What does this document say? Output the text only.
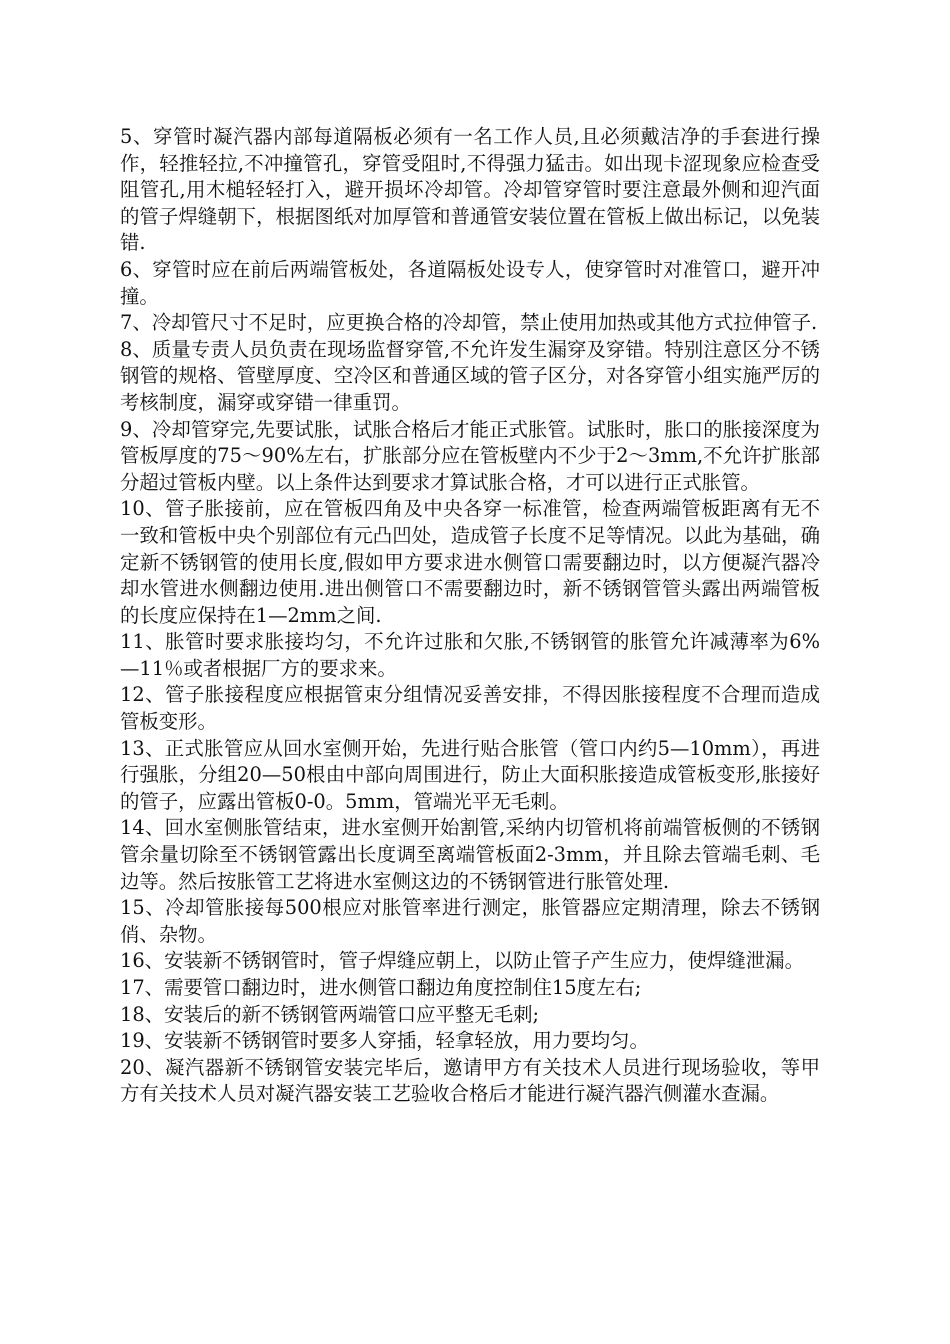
5、穿管时凝汽器内部每道隔板必须有一名工作人员,且必须戴洁净的手套进行操作，轻推轻拉,不冲撞管孔，穿管受阻时,不得强力猛击。如出现卡涩现象应检查受阻管孔,用木槌轻轻打入，避开损坏冷却管。冷却管穿管时要注意最外侧和迎汽面的管子焊缝朝下，根据图纸对加厚管和普通管安装位置在管板上做出标记，以免装错.

6、穿管时应在前后两端管板处，各道隔板处设专人，使穿管时对准管口，避开冲撞。

7、冷却管尺寸不足时，应更换合格的冷却管，禁止使用加热或其他方式拉伸管子.

8、质量专责人员负责在现场监督穿管,不允许发生漏穿及穿错。特别注意区分不锈钢管的规格、管壁厚度、空冷区和普通区域的管子区分，对各穿管小组实施严厉的考核制度，漏穿或穿错一律重罚。

9、冷却管穿完,先要试胀，试胀合格后才能正式胀管。试胀时，胀口的胀接深度为管板厚度的75～90%左右，扩胀部分应在管板壁内不少于2～3mm,不允许扩胀部分超过管板内壁。以上条件达到要求才算试胀合格，才可以进行正式胀管。

10、管子胀接前，应在管板四角及中央各穿一标准管，检查两端管板距离有无不一致和管板中央个别部位有元凸凹处，造成管子长度不足等情况。以此为基础，确定新不锈钢管的使用长度,假如甲方要求进水侧管口需要翻边时，以方便凝汽器冷却水管进水侧翻边使用.进出侧管口不需要翻边时，新不锈钢管管头露出两端管板的长度应保持在1—2mm之间.

11、胀管时要求胀接均匀，不允许过胀和欠胀,不锈钢管的胀管允许减薄率为6%—11％或者根据厂方的要求来。

12、管子胀接程度应根据管束分组情况妥善安排，不得因胀接程度不合理而造成管板变形。

13、正式胀管应从回水室侧开始，先进行贴合胀管（管口内约5—10mm），再进行强胀，分组20—50根由中部向周围进行，防止大面积胀接造成管板变形,胀接好的管子，应露出管板0-0。5mm，管端光平无毛刺。

14、回水室侧胀管结束，进水室侧开始割管,采纳内切管机将前端管板侧的不锈钢管余量切除至不锈钢管露出长度调至离端管板面2-3mm，并且除去管端毛刺、毛边等。然后按胀管工艺将进水室侧这边的不锈钢管进行胀管处理.

15、冷却管胀接每500根应对胀管率进行测定，胀管器应定期清理，除去不锈钢俏、杂物。

16、安装新不锈钢管时，管子焊缝应朝上，以防止管子产生应力，使焊缝泄漏。

17、需要管口翻边时，进水侧管口翻边角度控制住15度左右;

18、安装后的新不锈钢管两端管口应平整无毛刺;

19、安装新不锈钢管时要多人穿插，轻拿轻放，用力要均匀。

20、凝汽器新不锈钢管安装完毕后，邀请甲方有关技术人员进行现场验收，等甲方有关技术人员对凝汽器安装工艺验收合格后才能进行凝汽器汽侧灌水查漏。
